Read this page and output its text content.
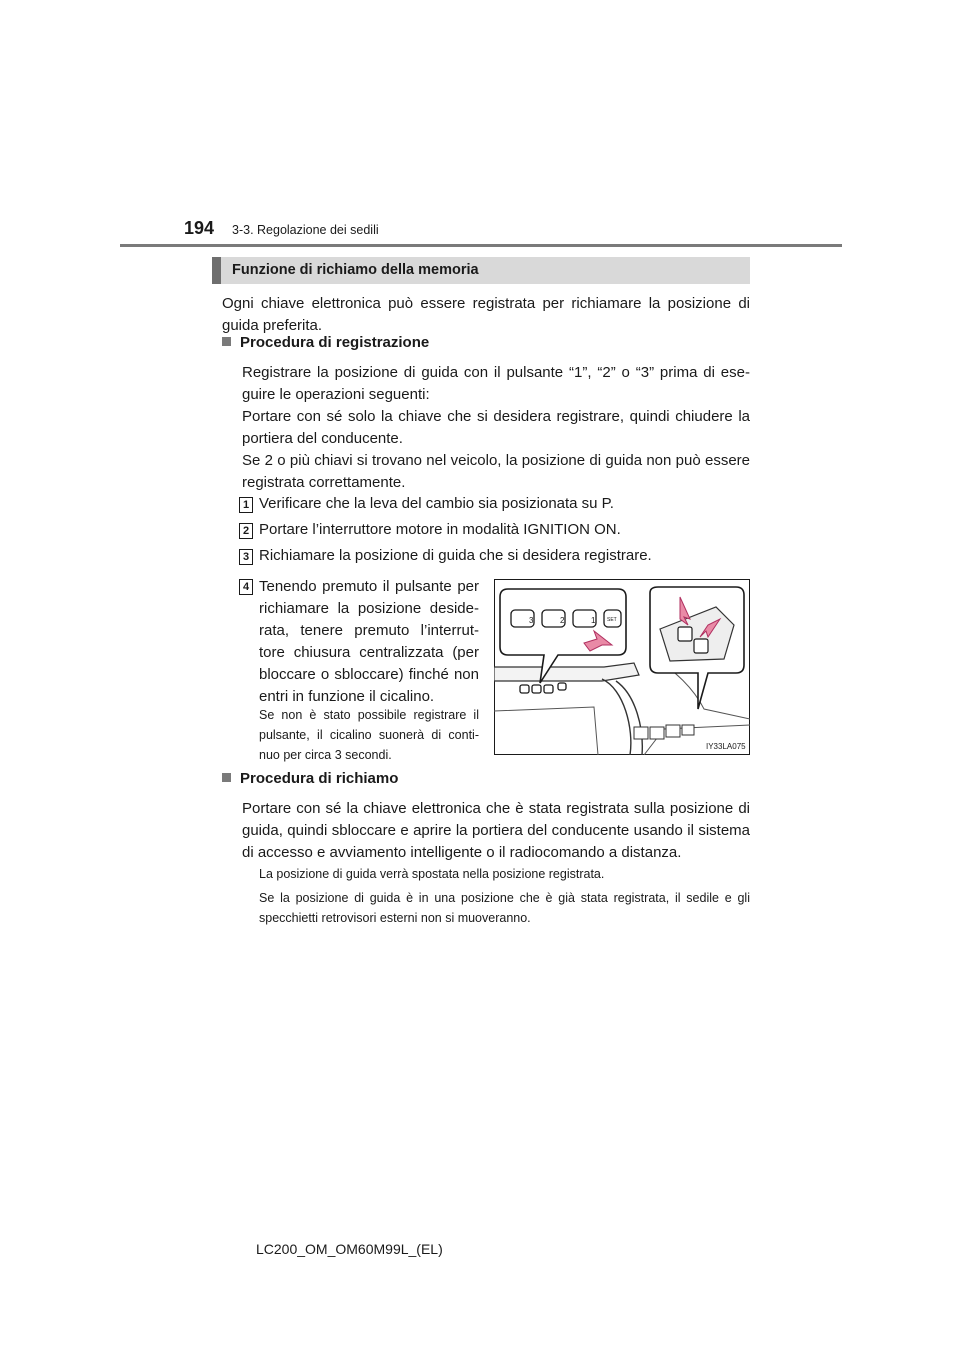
194 3-3. Regolazione dei sedili
Funzione di richiamo della memoria
Ogni chiave elettronica può essere registrata per richiamare la posizione di guida preferita.
Procedura di registrazione
Registrare la posizione di guida con il pulsante “1”, “2” o “3” prima di ese-guire le operazioni seguenti:
Portare con sé solo la chiave che si desidera registrare, quindi chiudere la portiera del conducente.
Se 2 o più chiavi si trovano nel veicolo, la posizione di guida non può essere registrata correttamente.
1 Verificare che la leva del cambio sia posizionata su P.
2 Portare l’interruttore motore in modalità IGNITION ON.
3 Richiamare la posizione di guida che si desidera registrare.
4 Tenendo premuto il pulsante per richiamare la posizione deside-rata, tenere premuto l’interrut-tore chiusura centralizzata (per bloccare o sbloccare) finché non entri in funzione il cicalino.
Se non è stato possibile registrare il pulsante, il cicalino suonerà di conti-nuo per circa 3 secondi.
3	2	1 SET
IY33LA075
Procedura di richiamo
Portare con sé la chiave elettronica che è stata registrata sulla posizione di guida, quindi sbloccare e aprire la portiera del conducente usando il sistema di accesso e avviamento intelligente o il radiocomando a distanza.
La posizione di guida verrà spostata nella posizione registrata.
Se la posizione di guida è in una posizione che è già stata registrata, il sedile e gli specchietti retrovisori esterni non si muoveranno.
LC200_OM_OM60M99L_(EL)
